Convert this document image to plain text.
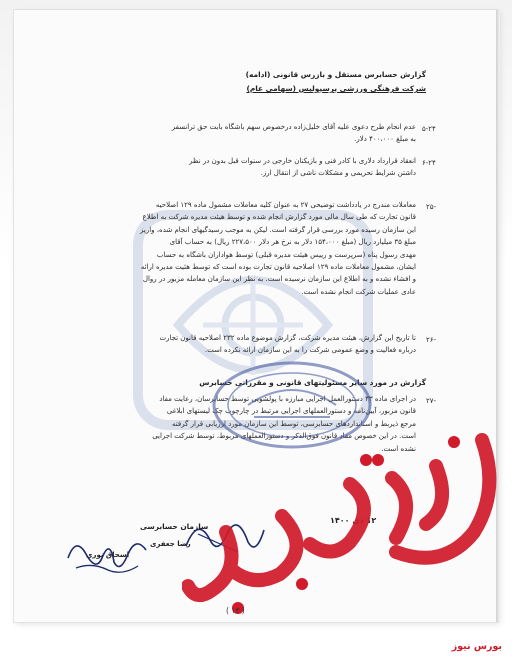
گزارش حسابرس مستقل و بازرس قانونی (ادامه)
شرکت فرهنگی ورزشی پرسپولیس (سهامی عام)
۵-۲۴
عدم انجام طرح دعوی علیه آقای خلیل‌زاده درخصوص سهم باشگاه بابت حق ترانسفر
به مبلغ ۴۰۰،۰۰۰ دلار.
۶-۲۴
انعقاد قرارداد دلاری با کادر فنی و بازیکنان خارجی در سنوات قبل بدون در نظر
داشتن شرایط تحریمی و مشکلات ناشی از انتقال ارز.
۲۵-
معاملات مندرج در یادداشت توضیحی ۲۷ به عنوان کلیه معاملات مشمول ماده ۱۲۹ اصلاحیه
قانون تجارت که طی سال مالی مورد گزارش انجام شده و توسط هیئت مدیره شرکت به اطلاع
این سازمان رسیده مورد بررسی قرار گرفته است. لیکن به موجب رسیدگیهای انجام شده، واریز
مبلغ ۳۵ میلیارد ریال (مبلغ ۱۵۴،۰۰۰ دلار به نرخ هر دلار ۲۲۷،۵۰۰ ریال) به حساب آقای
مهدی رسول پناه (سرپرست و رییس هیئت مدیره قبلی) توسط هواداران باشگاه به حساب
ایشان، مشمول معاملات ماده ۱۲۹ اصلاحیه قانون تجارت بوده است که توسط هئیت مدیره ارائه
و افشاء نشده و به اطلاع این سازمان نرسیده است. به نظر این سازمان معامله مزبور در روال
عادی عملیات شرکت انجام نشده است.
۲۶-
تا تاریخ این گزارش، هیئت مدیره شرکت، گزارش موضوع ماده ۲۳۲ اصلاحیه قانون تجارت
درباره فعالیت و وضع عمومی شرکت را به این سازمان ارائه نکرده است.
گزارش در مورد سایر مسئولیتهای قانونی و مقرراتی حسابرس
۲۷-
در اجرای ماده ۳۳ دستورالعمل اجرایی مبارزه با پولشویی توسط حسابرسان، رعایت مفاد
قانون مزبور، آیین‌نامه و دستورالعملهای اجرایی مرتبط در چارچوب چک لیستهای ابلاغی
مرجع ذیربط و استانداردهای حسابرسی، توسط این سازمان مورد ارزیابی قرار گرفته
است. در این خصوص مفاد قانون فوق‌الذکر و دستورالعملهای مربوط، توسط شرکت اجرایی
نشده است.
۱۲ دی ۱۴۰۰
سازمان حسابرسی
رضا جعفری
اسحاق نوری
( ۱۳ )
بورس نیوز
